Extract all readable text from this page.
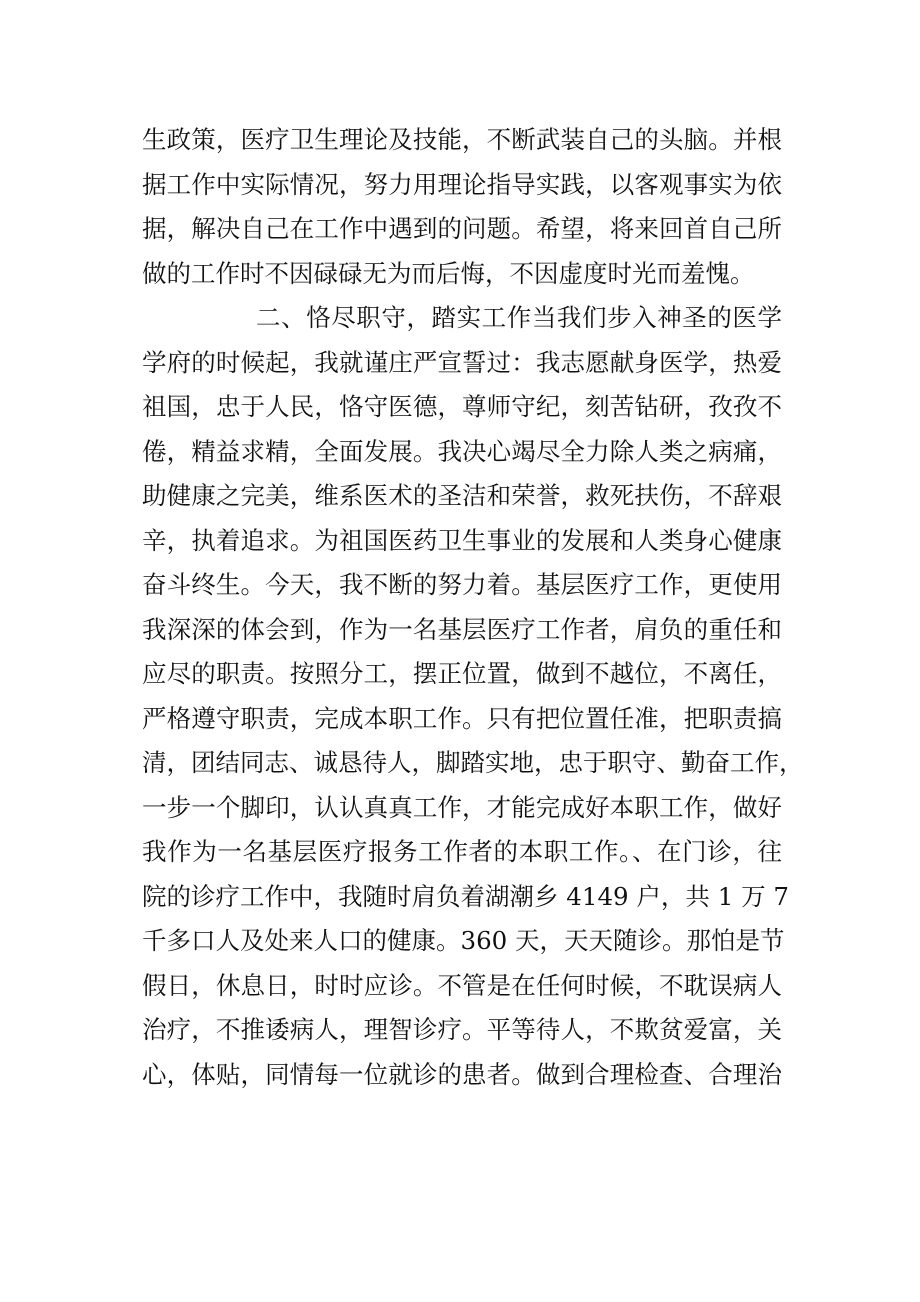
生政策，医疗卫生理论及技能，不断武装自己的头脑。并根
据工作中实际情况，努力用理论指导实践，以客观事实为依
据，解决自己在工作中遇到的问题。希望，将来回首自己所
做的工作时不因碌碌无为而后悔，不因虚度时光而羞愧。
二、恪尽职守，踏实工作当我们步入神圣的医学
学府的时候起，我就谨庄严宣誓过：我志愿献身医学，热爱
祖国，忠于人民，恪守医德，尊师守纪，刻苦钻研，孜孜不
倦，精益求精，全面发展。我决心竭尽全力除人类之病痛，
助健康之完美，维系医术的圣洁和荣誉，救死扶伤，不辞艰
辛，执着追求。为祖国医药卫生事业的发展和人类身心健康
奋斗终生。今天，我不断的努力着。基层医疗工作，更使用
我深深的体会到，作为一名基层医疗工作者，肩负的重任和
应尽的职责。按照分工，摆正位置，做到不越位，不离任，
严格遵守职责，完成本职工作。只有把位置任准，把职责搞
清，团结同志、诚恳待人，脚踏实地，忠于职守、勤奋工作，
一步一个脚印，认认真真工作，才能完成好本职工作，做好
我作为一名基层医疗报务工作者的本职工作。、在门诊，往
院的诊疗工作中，我随时肩负着湖潮乡 4149 户，共 1 万 7
千多口人及处来人口的健康。360 天，天天随诊。那怕是节
假日，休息日，时时应诊。不管是在任何时候，不耽误病人
治疗，不推诿病人，理智诊疗。平等待人，不欺贫爱富，关
心，体贴，同情每一位就诊的患者。做到合理检查、合理治
